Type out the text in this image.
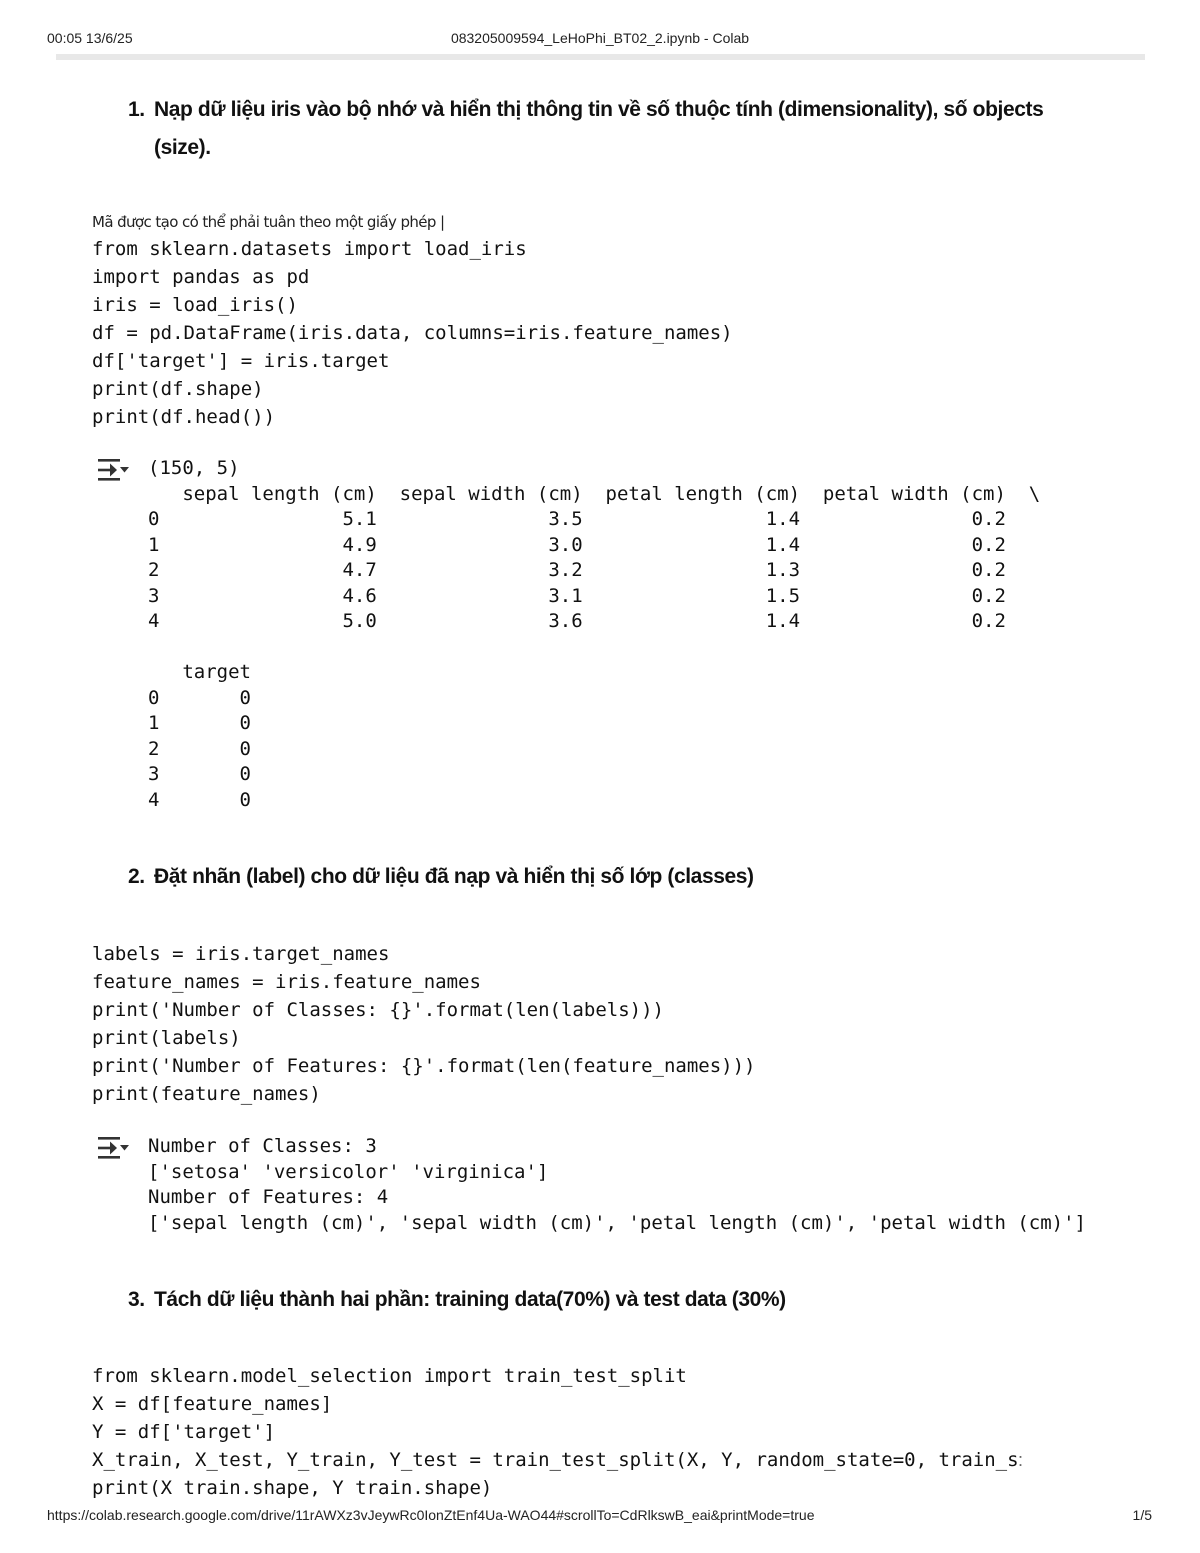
00:05 13/6/25	083205009594_LeHoPhi_BT02_2.ipynb - Colab
1. Nạp dữ liệu iris vào bộ nhớ và hiển thị thông tin về số thuộc tính (dimensionality), số objects
(size).
Mã được tạo có thể phải tuân theo một giấy phép |
from sklearn.datasets import load_iris
import pandas as pd
iris = load_iris()
df = pd.DataFrame(iris.data, columns=iris.feature_names)
df['target'] = iris.target
print(df.shape)
print(df.head())
(150, 5)
sepal length (cm)  sepal width (cm)  petal length (cm)  petal width (cm)  \
0                5.1               3.5                1.4               0.2
1                4.9               3.0                1.4               0.2
2                4.7               3.2                1.3               0.2
3                4.6               3.1                1.5               0.2
4                5.0               3.6                1.4               0.2

target
0       0
1       0
2       0
3       0
4       0
2. Đặt nhãn (label) cho dữ liệu đã nạp và hiển thị số lớp (classes)
labels = iris.target_names
feature_names = iris.feature_names
print('Number of Classes: {}'.format(len(labels)))
print(labels)
print('Number of Features: {}'.format(len(feature_names)))
print(feature_names)
Number of Classes: 3
['setosa' 'versicolor' 'virginica']
Number of Features: 4
['sepal length (cm)', 'sepal width (cm)', 'petal length (cm)', 'petal width (cm)']
3. Tách dữ liệu thành hai phần: training data(70%) và test data (30%)
from sklearn.model_selection import train_test_split
X = df[feature_names]
Y = df['target']
X_train, X_test, Y_train, Y_test = train_test_split(X, Y, random_state=0, train_s
print(X train.shape, Y train.shape)
:
https://colab.research.google.com/drive/11rAWXz3vJeywRc0IonZtEnf4Ua-WAO44#scrollTo=CdRlkswB_eai&printMode=true	1/5
